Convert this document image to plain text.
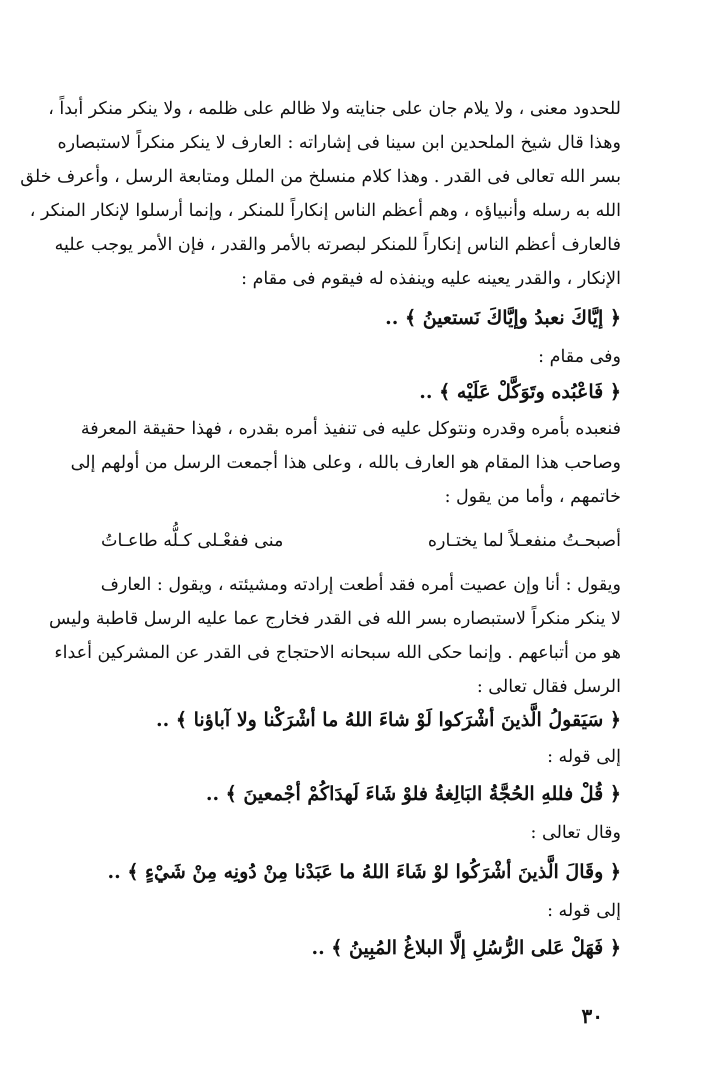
للحدود معنى ، ولا يلام جان على جنايته ولا ظالم على ظلمه ، ولا ينكر منكر أبداً ،
وهذا قال شيخ الملحدين ابن سينا فى إشاراته : العارف لا ينكر منكراً لاستبصاره
بسر الله تعالى فى القدر . وهذا كلام منسلخ من الملل ومتابعة الرسل ، وأعرف خلق
الله به رسله وأنبياؤه ، وهم أعظم الناس إنكاراً للمنكر ، وإنما أرسلوا لإنكار المنكر ،
فالعارف أعظم الناس إنكاراً للمنكر لبصرته بالأمر والقدر ، فإن الأمر يوجب عليه
الإنكار ، والقدر يعينه عليه وينفذه له فيقوم فى مقام :
﴿ إيَّاكَ نعبدُ وإيَّاكَ نَستعينُ ﴾ ..
وفى مقام :
﴿ فَاعْبُده وتَوَكَّلْ عَلَيْه ﴾ ..
فنعبده بأمره وقدره ونتوكل عليه فى تنفيذ أمره بقدره ، فهذا حقيقة المعرفة
وصاحب هذا المقام هو العارف بالله ، وعلى هذا أجمعت الرسل من أولهم إلى
خاتمهم ، وأما من يقول :
أصبحـتُ منفعـلاً لما يختـاره
منى ففعْـلى كـلُّه طاعـاتُ
ويقول : أنا وإن عصيت أمره فقد أطعت إرادته ومشيئته ، ويقول : العارف
لا ينكر منكراً لاستبصاره بسر الله فى القدر فخارج عما عليه الرسل قاطبة وليس
هو من أتباعهم . وإنما حكى الله سبحانه الاحتجاج فى القدر عن المشركين أعداء
الرسل فقال تعالى :
﴿ سَيَقولُ الَّذينَ أشْرَكوا لَوْ شاءَ اللهُ ما أشْرَكْنا ولا آباؤنا ﴾ ..
إلى قوله :
﴿ قُلْ فللهِ الحُجَّةُ البَالِغةُ فلوْ شَاءَ لَهدَاكُمْ أجْمعينَ ﴾ ..
وقال تعالى :
﴿ وقَالَ الَّذينَ أشْرَكُوا لوْ شَاءَ اللهُ ما عَبَدْنا مِنْ دُونِه مِنْ شَيْءٍ ﴾ ..
إلى قوله :
﴿ فَهَلْ عَلى الرُّسُلِ إلَّا البلاغُ المُبِينُ ﴾ ..
٣٠
